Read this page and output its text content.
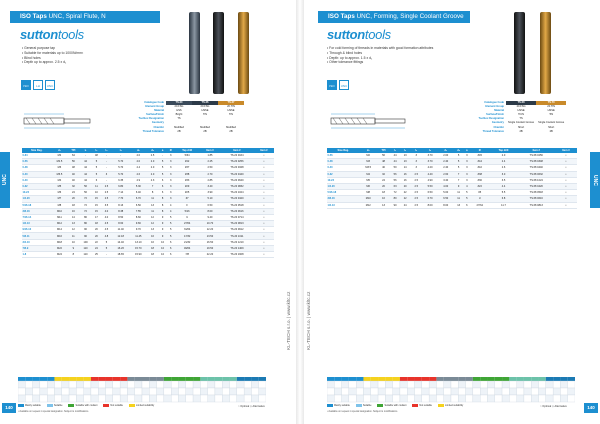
ISO Taps UNC, Spiral Flute, N
suttontools
• General purpose tap
• Suitable for materials up to 1000N/mm²
• Blind holes
• Depth up to approx. 2.5 x d₁
ISO 529
LH	UNC
Catalogue Code	TS.20	TS.26	TS.27
Element Group	20.FSG	20.FSG	20.TIN
Material	HSS	HSSE	HSSE
Surface/Finish	Bright	TiN	TiN
Toolbox Designation	TS		
Geometry			
Chamfer	Modified	Modified	Modified
Thread Tolerance	2B	2B	2B
UNC
Size Reg.	d₁	TPI	l₁	l₂	l₃	l₄	d₂	d₃	a	Ø	Tap drill	Item #	Item #	Item #
0-64	M2	64	-	48	-	-	4.0	2.5	-	3	5/64	1.85	TS.20 0164	•
0-56	M2.5	56	44	5	-	5.70	4.0	2.0	5	3	#42	2.25	TS.20 0256	•
0-48	M3	48	44	5	-	5.70	4.4	2.0	5	3	#37	2.50	TS.20 0348	•
0-40	M3.5	40	44	5	3	5.70	4.6	2.0	5	3	#38	2.70	TS.20 0440	•
0-40	M4	40	44	6	-	6.35	4.9	2.3	6	3	#33	2.85	TS.20 0640	•
0-32	M5	32	56	11	2.5	6.80	5.30	7	6	3	#29	3.40	TS.20 0832	•
10-24	M6	24	56	10	2.5	7.14	6.40	8	6	3	#25	3.90	TS.20 1024	•
1/4-20	M7	20	72	15	2.5	7.70	6.70	11	8	3	#7	5.10	TS.20 0420	•
5/16-18	M8	18	72	15	3.5	8.13	6.50	13	8	4	F	6.50	TS.20 0518	•
3/8-16	M10	16	72	15	4.0	8.38	7.55	11	8	4	5/16	8.00	TS.20 0616	•
7/16-14	M11	14	80	17	4.0	8.50	8.60	12	9	5	U	9.40	TS.20 0714	•
1/2-13	M12	13	80	18	4.5	8.60	9.66	12	9	5	27/64	10.70	TS.20 0813	•
9/16-12	M14	12	90	20	4.5	11.40	9.70	13	9	5	31/64	12.20	TS.20 0912	•
5/8-11	M16	11	90	20	4.8	12.18	11.45	16	9	5	17/32	13.50	TS.20 1011	•
3/4-10	M18	10	100	22	5	14.40	13.10	16	10	6	21/32	16.50	TS.20 1210	•
7/8-9	M22	9	110	24	5	16.26	15.70	18	10	6	49/64	19.50	TS.20 1409	•
1-8	M24	8	110	25	-	18.65	15.90	18	10	6	7/8	22.20	TS.20 1608	•
KL-TECH s.r.o. | www.kltc.cz
Mainly suitable	Suitable	Suitable with coolant	Not suitable	Limited suitability	○ Optimal ◇ Alternative
• Available on request in special designation. Subject to modifications.
140
ISO Taps UNC, Forming, Single Coolant Groove
suttontools
• For cold forming of threads in materials with good formation attributes
• Through & blind holes
• Depth: up to approx. 1.5 x d₁
• Other tolerance fittings
ISO 529
UNC
Catalogue Code	TS.68	TS.70
Element Group	20.FSG	20.TIN
Material	HSSE	HSSE
Surface/Finish	TiCN	TiN
Toolbox Designation	TS	
Geometry	Single Coolant Groove	Single Coolant Groove
Chamfer	Short	Short
Thread Tolerance	2B	2B
UNC
Size Reg.	d₁	TPI	l₁	l₂	l₃	l₄	d₂	d₃	a	Ø	Tap drill	Item #	Item #
0-56	M2	56	44	13	3	3.70	2.00	5	3	#45	2.0	TS.68 0256	•
0-48	M3	48	44	13	3	3.70	2.40	5	3	#44	2.4	TS.68 0348	•
0-40	M3.5	40	50	14	3	4.20	2.40	5	3	#42	2.6	TS.68 0440	•
0-32	M4	32	56	16	2.5	4.40	2.60	7	3	#38	3.0	TS.68 0632	•
10-24	M5	24	56	16	2.5	4.90	3.40	7	3	#30	3.5	TS.68 1024	•
1/4-20	M6	20	63	20	2.5	5.50	4.00	9	4	#22	4.4	TS.68 0420	•
5/16-18	M8	18	72	22	2.5	6.50	5.00	11	5	#5	5.5	TS.68 0518	•
3/8-16	M10	16	80	22	2.5	6.70	6.50	11	5	U	6.8	TS.68 0616	•
1/2-13	M12	13	90	24	2.5	8.00	8.00	13	6	27/64	11.7	TS.68 0813	•
KL-TECH s.r.o. | www.kltc.cz
Mainly suitable	Suitable	Suitable with coolant	Not suitable	Limited suitability	○ Optimal ◇ Alternative
• Available on request in special designation. Subject to modifications.
140
